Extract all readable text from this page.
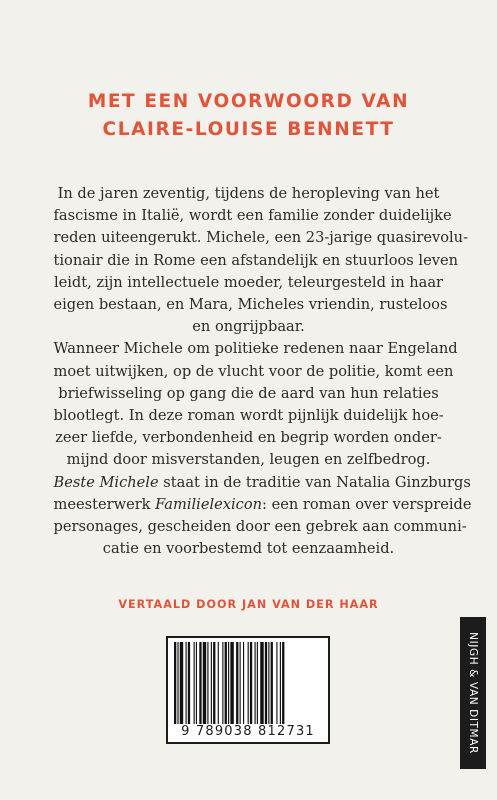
MET EEN VOORWOORD VAN
CLAIRE-LOUISE BENNETT
In de jaren zeventig, tijdens de heropleving van het
fascisme in Italië, wordt een familie zonder duidelijke
reden uiteengerukt. Michele, een 23-jarige quasirevolu-
tionair die in Rome een afstandelijk en stuurloos leven
leidt, zijn intellectuele moeder, teleurgesteld in haar
eigen bestaan, en Mara, Micheles vriendin, rusteloos
en ongrijpbaar.
Wanneer Michele om politieke redenen naar Engeland
moet uitwijken, op de vlucht voor de politie, komt een
briefwisseling op gang die de aard van hun relaties
blootlegt. In deze roman wordt pijnlijk duidelijk hoe-
zeer liefde, verbondenheid en begrip worden onder-
mijnd door misverstanden, leugen en zelfbedrog.
Beste Michele staat in de traditie van Natalia Ginzburgs
meesterwerk Familielexicon: een roman over verspreide
personages, gescheiden door een gebrek aan communi-
catie en voorbestemd tot eenzaamheid.
VERTAALD DOOR JAN VAN DER HAAR
9 789038 812731	NIJGH & VAN DITMAR
